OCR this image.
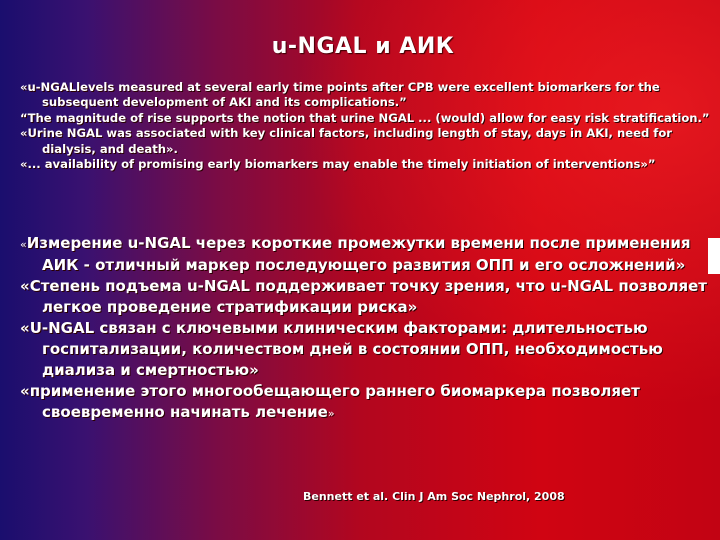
u-NGAL и АИК

«u-NGALlevels measured at several early time points after CPB were excellent biomarkers for the subsequent development of AKI and its complications.”

“The magnitude of rise supports the notion that urine NGAL ... (would) allow for easy risk stratification.”

«Urine NGAL was associated with key clinical factors, including length of stay, days in AKI, need for dialysis, and death».

«... availability of promising early biomarkers may enable the timely initiation of interventions»”

«Измерение u-NGAL через короткие промежутки времени после применения АИК - отличный маркер последующего развития ОПП и его осложнений»

«Степень подъема u-NGAL поддерживает точку зрения, что u-NGAL позволяет легкое проведение стратификации риска»

«U-NGAL связан с ключевыми клиническим факторами: длительностью госпитализации, количеством дней в состоянии ОПП, необходимостью диализа и смертностью»

«применение этого многообещающего раннего биомаркера позволяет своевременно начинать лечение»

Bennett et al. Clin J Am Soc Nephrol, 2008
